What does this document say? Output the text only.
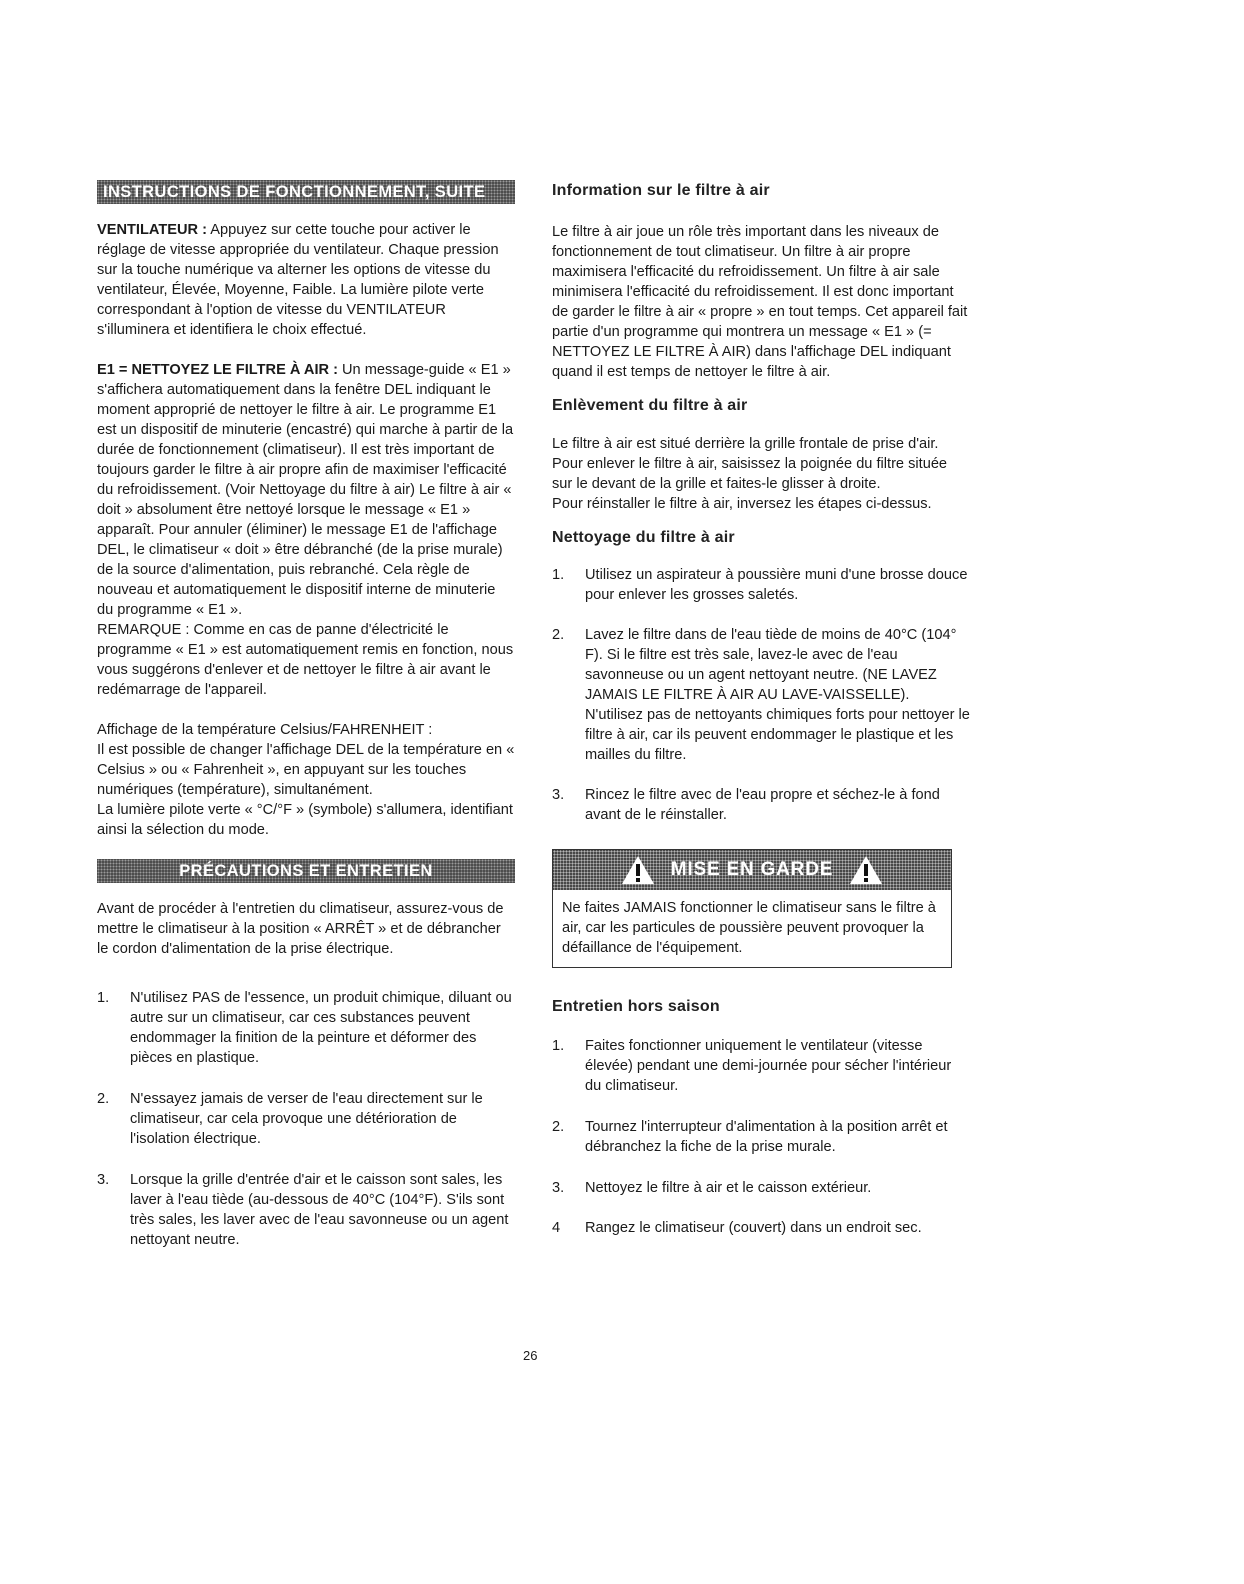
INSTRUCTIONS DE FONCTIONNEMENT, SUITE

VENTILATEUR : Appuyez sur cette touche pour activer le réglage de vitesse appropriée du ventilateur. Chaque pression sur la touche numérique va alterner les options de vitesse du ventilateur, Élevée, Moyenne, Faible. La lumière pilote verte correspondant à l'option de vitesse du VENTILATEUR s'illuminera et identifiera le choix effectué.

E1 = NETTOYEZ LE FILTRE À AIR : Un message-guide « E1 » s'affichera automatiquement dans la fenêtre DEL indiquant le moment approprié de nettoyer le filtre à air. Le programme E1 est un dispositif de minuterie (encastré) qui marche à partir de la durée de fonctionnement (climatiseur). Il est très important de toujours garder le filtre à air propre afin de maximiser l'efficacité du refroidissement. (Voir Nettoyage du filtre à air) Le filtre à air « doit » absolument être nettoyé lorsque le message « E1 » apparaît. Pour annuler (éliminer) le message E1 de l'affichage DEL, le climatiseur « doit » être débranché (de la prise murale) de la source d'alimentation, puis rebranché. Cela règle de nouveau et automatiquement le dispositif interne de minuterie du programme « E1 ».

REMARQUE : Comme en cas de panne d'électricité le programme « E1 » est automatiquement remis en fonction, nous vous suggérons d'enlever et de nettoyer le filtre à air avant le redémarrage de l'appareil.

Affichage de la température Celsius/FAHRENHEIT :

Il est possible de changer l'affichage DEL de la température en « Celsius » ou « Fahrenheit », en appuyant sur les touches numériques (température), simultanément.

La lumière pilote verte « °C/°F » (symbole) s'allumera, identifiant ainsi la sélection du mode.

PRÉCAUTIONS ET ENTRETIEN

Avant de procéder à l'entretien du climatiseur, assurez-vous de mettre le climatiseur à la position « ARRÊT » et de débrancher le cordon d'alimentation de la prise électrique.

1. N'utilisez PAS de l'essence, un produit chimique, diluant ou autre sur un climatiseur, car ces substances peuvent endommager la finition de la peinture et déformer des pièces en plastique.
2. N'essayez jamais de verser de l'eau directement sur le climatiseur, car cela provoque une détérioration de l'isolation électrique.
3. Lorsque la grille d'entrée d'air et le caisson sont sales, les laver à l'eau tiède (au-dessous de 40°C (104°F). S'ils sont très sales, les laver avec de l'eau savonneuse ou un agent nettoyant neutre.
Information sur le filtre à air

Le filtre à air joue un rôle très important dans les niveaux de fonctionnement de tout climatiseur. Un filtre à air propre maximisera l'efficacité du refroidissement. Un filtre à air sale minimisera l'efficacité du refroidissement. Il est donc important de garder le filtre à air « propre » en tout temps. Cet appareil fait partie d'un programme qui montrera un message « E1 » (= NETTOYEZ LE FILTRE À AIR) dans l'affichage DEL indiquant quand il est temps de nettoyer le filtre à air.

Enlèvement du filtre à air

Le filtre à air est situé derrière la grille frontale de prise d'air. Pour enlever le filtre à air, saisissez la poignée du filtre située sur le devant de la grille et faites-le glisser à droite.

Pour réinstaller le filtre à air, inversez les étapes ci-dessus.

Nettoyage du filtre à air
1. Utilisez un aspirateur à poussière muni d'une brosse douce pour enlever les grosses saletés.
2. Lavez le filtre dans de l'eau tiède de moins de 40°C (104° F). Si le filtre est très sale, lavez-le avec de l'eau savonneuse ou un agent nettoyant neutre. (NE LAVEZ JAMAIS LE FILTRE À AIR AU LAVE-VAISSELLE).
N'utilisez pas de nettoyants chimiques forts pour nettoyer le filtre à air, car ils peuvent endommager le plastique et les mailles du filtre.
3. Rincez le filtre avec de l'eau propre et séchez-le à fond avant de le réinstaller.
MISE EN GARDE
Ne faites JAMAIS fonctionner le climatiseur sans le filtre à air, car les particules de poussière peuvent provoquer la défaillance de l'équipement.
Entretien hors saison
1. Faites fonctionner uniquement le ventilateur (vitesse élevée) pendant une demi-journée pour sécher l'intérieur du climatiseur.
2. Tournez l'interrupteur d'alimentation à la position arrêt et débranchez la fiche de la prise murale.
3. Nettoyez le filtre à air et le caisson extérieur.
4 Rangez le climatiseur (couvert) dans un endroit sec.
26
